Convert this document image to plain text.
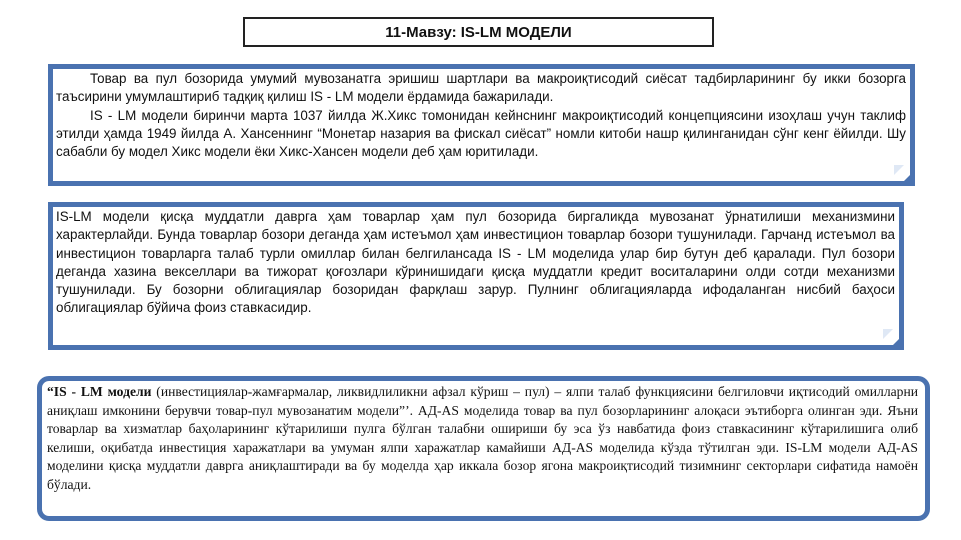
11-Мавзу: IS-LM МОДЕЛИ

Товар ва пул бозорида умумий мувозанатга эришиш шартлари ва макроиқтисодий сиёсат тадбирларининг бу икки бозорга таъсирини умумлаштириб тадқиқ қилиш IS - LM модели ёрдамида бажарилади.

IS - LM модели биринчи марта 1037 йилда Ж.Хикс томонидан кейнснинг макроиқтисодий концепциясини изоҳлаш учун таклиф этилди ҳамда 1949 йилда А. Хансеннинг “Монетар назария ва фискал сиёсат” номли китоби нашр қилинганидан сўнг кенг ёйилди. Шу сабабли бу модел Хикс модели ёки Хикс-Хансен модели деб ҳам юритилади.

IS-LM модели қисқа муддатли даврга ҳам товарлар ҳам пул бозорида биргаликда мувозанат ўрнатилиши механизмини характерлайди. Бунда товарлар бозори деганда ҳам истеъмол ҳам инвестицион товарлар бозори тушунилади. Гарчанд истеъмол ва инвестицион товарларга талаб турли омиллар билан белгилансада IS - LM моделида улар бир бутун деб қаралади. Пул бозори деганда хазина векселлари ва тижорат қоғозлари кўринишидаги қисқа муддатли кредит воситаларини олди сотди механизми тушунилади. Бу бозорни облигациялар бозоридан фарқлаш зарур. Пулнинг облигацияларда ифодаланган нисбий баҳоси облигациялар бўйича фоиз ставкасидир.

“IS - LM модели (инвестициялар-жамғармалар, ликвидлиликни афзал кўриш – пул) – ялпи талаб функциясини белгиловчи иқтисодий омилларни аниқлаш имконини берувчи товар-пул мувозанатим модели”’. АД-АS моделида товар ва пул бозорларининг алоқаси эътиборга олинган эди. Яъни товарлар ва хизматлар баҳоларининг кўтарилиши пулга бўлган талабни ошириши бу эса ўз навбатида фоиз ставкасининг кўтарилишига олиб келиши, оқибатда инвестиция харажатлари ва умуман ялпи харажатлар камайиши АД-АS моделида кўзда тўтилган эди. IS-LM модели АД-АS моделини қисқа муддатли даврга аниқлаштиради ва бу моделда ҳар иккала бозор ягона макроиқтисодий тизимнинг секторлари сифатида намоён бўлади.
